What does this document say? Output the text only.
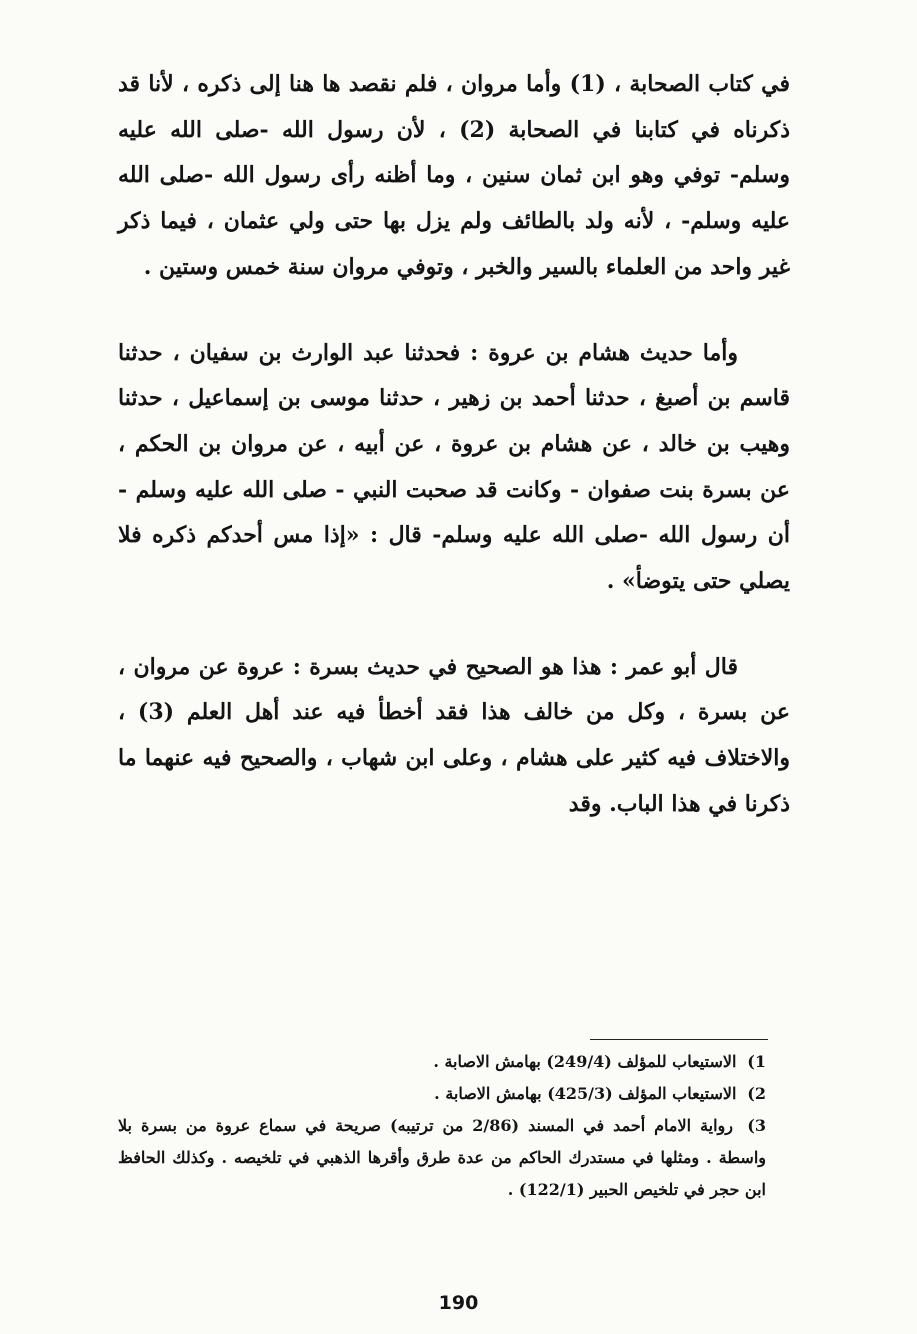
في كتاب الصحابة ، (1) وأما مروان ، فلم نقصد ها هنا إلى ذكره ، لأنا قد ذكرناه في كتابنا في الصحابة (2) ، لأن رسول الله -صلى الله عليه وسلم- توفي وهو ابن ثمان سنين ، وما أظنه رأى رسول الله -صلى الله عليه وسلم- ، لأنه ولد بالطائف ولم يزل بها حتى ولي عثمان ، فيما ذكر غير واحد من العلماء بالسير والخبر ، وتوفي مروان سنة خمس وستين .

وأما حديث هشام بن عروة : فحدثنا عبد الوارث بن سفيان ، حدثنا قاسم بن أصبغ ، حدثنا أحمد بن زهير ، حدثنا موسى بن إسماعيل ، حدثنا وهيب بن خالد ، عن هشام بن عروة ، عن أبيه ، عن مروان بن الحكم ، عن بسرة بنت صفوان - وكانت قد صحبت النبي - صلى الله عليه وسلم - أن رسول الله -صلى الله عليه وسلم- قال : «إذا مس أحدكم ذكره فلا يصلي حتى يتوضأ» .

قال أبو عمر : هذا هو الصحيح في حديث بسرة : عروة عن مروان ، عن بسرة ، وكل من خالف هذا فقد أخطأ فيه عند أهل العلم (3) ، والاختلاف فيه كثير على هشام ، وعلى ابن شهاب ، والصحيح فيه عنهما ما ذكرنا في هذا الباب. وقد

1) الاستيعاب للمؤلف (249/4) بهامش الاصابة .

2) الاستيعاب المؤلف (425/3) بهامش الاصابة .

3) رواية الامام أحمد في المسند (2/86 من ترتيبه) صريحة في سماع عروة من بسرة بلا واسطة . ومثلها في مستدرك الحاكم من عدة طرق وأقرها الذهبي في تلخيصه . وكذلك الحافظ ابن حجر في تلخيص الحبير (122/1) .

190
